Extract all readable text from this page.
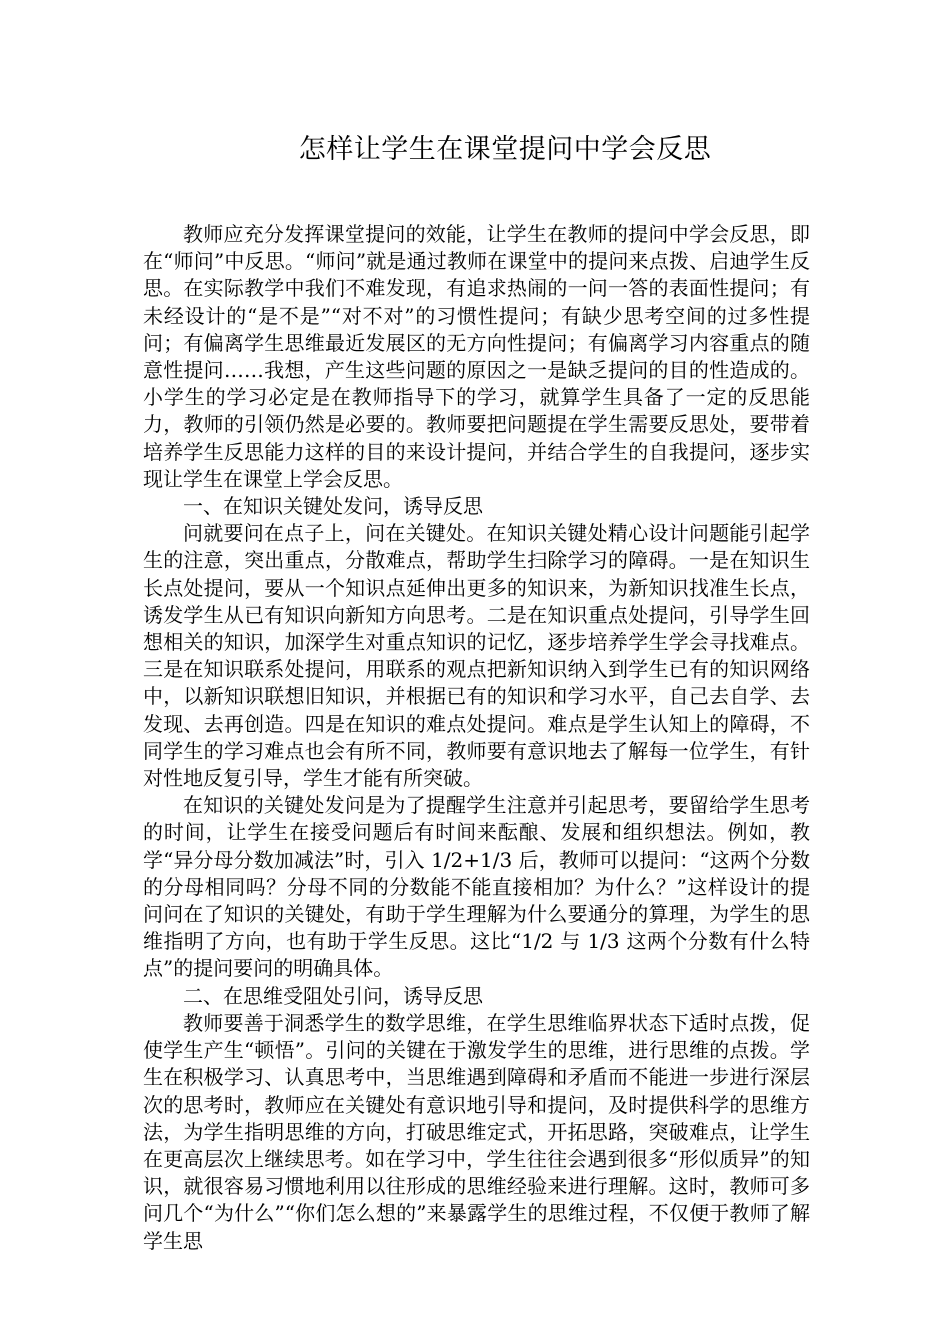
怎样让学生在课堂提问中学会反思

教师应充分发挥课堂提问的效能，让学生在教师的提问中学会反思，即在“师问”中反思。“师问”就是通过教师在课堂中的提问来点拨、启迪学生反思。在实际教学中我们不难发现，有追求热闹的一问一答的表面性提问；有未经设计的“是不是”“对不对”的习惯性提问；有缺少思考空间的过多性提问；有偏离学生思维最近发展区的无方向性提问；有偏离学习内容重点的随意性提问……我想，产生这些问题的原因之一是缺乏提问的目的性造成的。小学生的学习必定是在教师指导下的学习，就算学生具备了一定的反思能力，教师的引领仍然是必要的。教师要把问题提在学生需要反思处，要带着培养学生反思能力这样的目的来设计提问，并结合学生的自我提问，逐步实现让学生在课堂上学会反思。

一、在知识关键处发问，诱导反思

问就要问在点子上，问在关键处。在知识关键处精心设计问题能引起学生的注意，突出重点，分散难点，帮助学生扫除学习的障碍。一是在知识生长点处提问，要从一个知识点延伸出更多的知识来，为新知识找准生长点，诱发学生从已有知识向新知方向思考。二是在知识重点处提问，引导学生回想相关的知识，加深学生对重点知识的记忆，逐步培养学生学会寻找难点。三是在知识联系处提问，用联系的观点把新知识纳入到学生已有的知识网络中，以新知识联想旧知识，并根据已有的知识和学习水平，自己去自学、去发现、去再创造。四是在知识的难点处提问。难点是学生认知上的障碍，不同学生的学习难点也会有所不同，教师要有意识地去了解每一位学生，有针对性地反复引导，学生才能有所突破。

在知识的关键处发问是为了提醒学生注意并引起思考，要留给学生思考的时间，让学生在接受问题后有时间来酝酿、发展和组织想法。例如，教学“异分母分数加减法”时，引入 1/2+1/3 后，教师可以提问：“这两个分数的分母相同吗？分母不同的分数能不能直接相加？为什么？”这样设计的提问问在了知识的关键处，有助于学生理解为什么要通分的算理，为学生的思维指明了方向，也有助于学生反思。这比“1/2 与 1/3 这两个分数有什么特点”的提问要问的明确具体。

二、在思维受阻处引问，诱导反思

教师要善于洞悉学生的数学思维，在学生思维临界状态下适时点拨，促使学生产生“顿悟”。引问的关键在于激发学生的思维，进行思维的点拨。学生在积极学习、认真思考中，当思维遇到障碍和矛盾而不能进一步进行深层次的思考时，教师应在关键处有意识地引导和提问，及时提供科学的思维方法，为学生指明思维的方向，打破思维定式，开拓思路，突破难点，让学生在更高层次上继续思考。如在学习中，学生往往会遇到很多“形似质异”的知识，就很容易习惯地利用以往形成的思维经验来进行理解。这时，教师可多问几个“为什么”“你们怎么想的”来暴露学生的思维过程，不仅便于教师了解学生思
